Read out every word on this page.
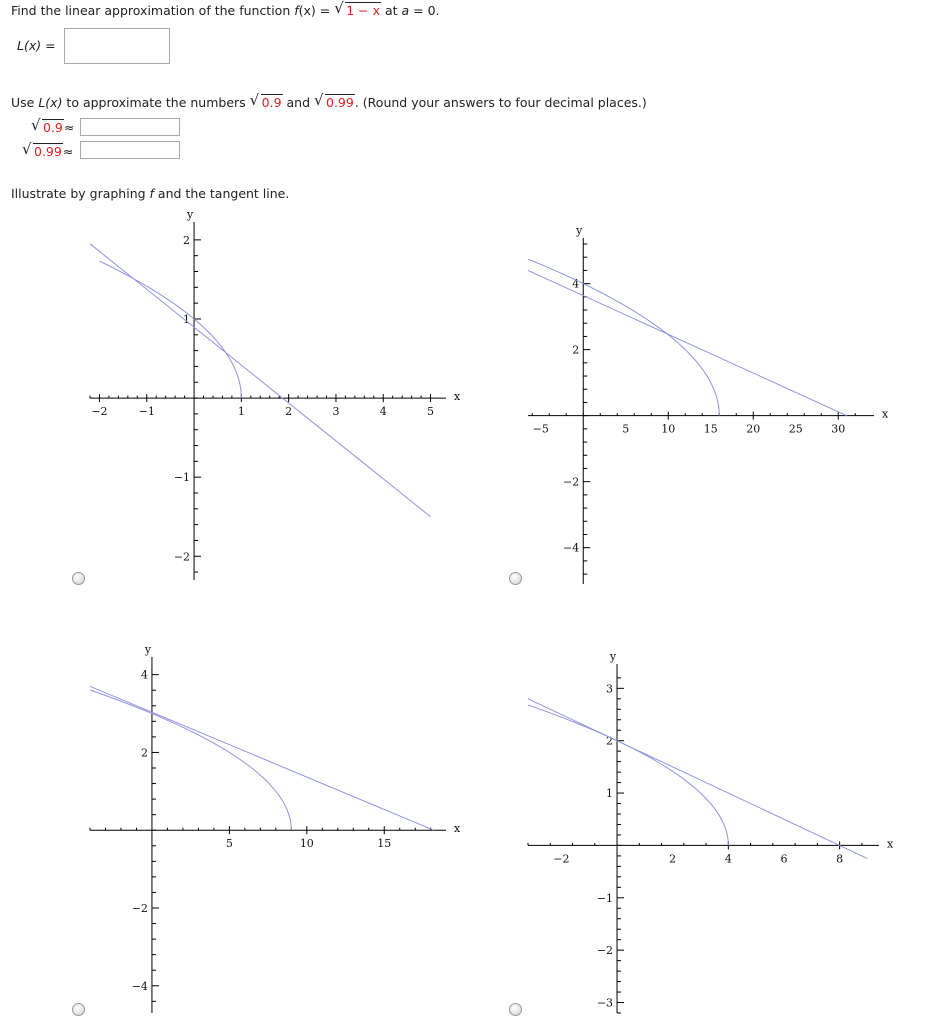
Find the linear approximation of the function f(x) = √ 1 − x at a = 0.
L(x) =
Use L(x) to approximate the numbers √ 0.9 and √ 0.99. (Round your answers to four decimal places.)
√ 0.9≈
√ 0.99≈
Illustrate by graphing f and the tangent line.
−2	−1	1	2	3	4	5
−2
−1
1
2
x
y
−5	5	10	15	20	25	30
−4
−2
2
4
x
y
5	10	15
−4
−2
2
4
x
y
−2	2	4	6	8
−3
−2
−1
1
2
3
x
y
